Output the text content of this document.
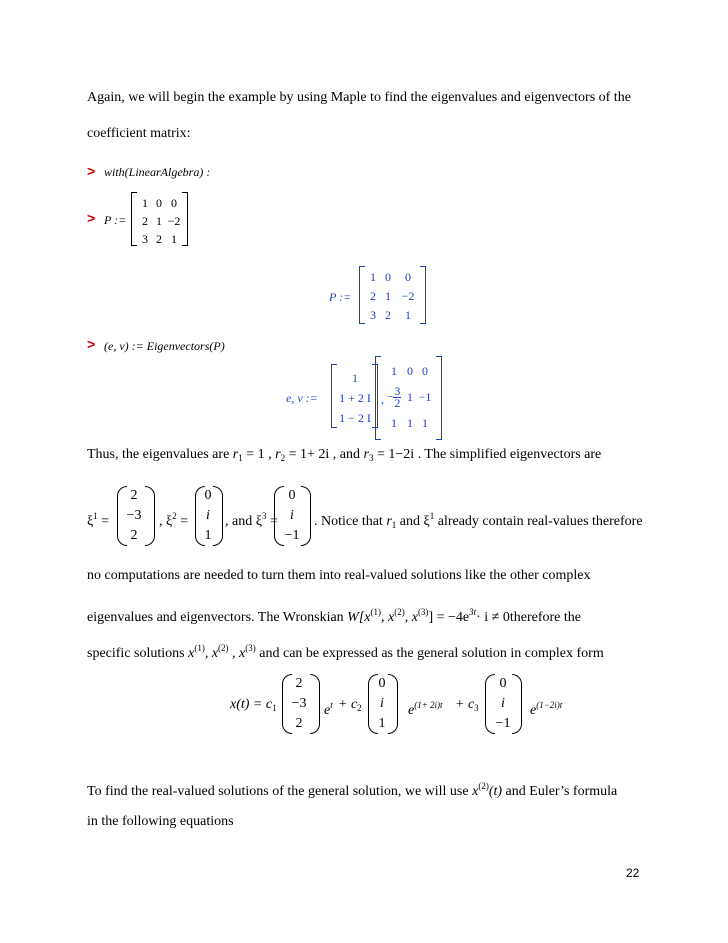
Again, we will begin the example by using Maple to find the eigenvalues and eigenvectors of the
coefficient matrix:
> with(LinearAlgebra) :
> P :=
1 0 0
2 1 −2
3 2 1
P :=
1 0	0
2 1 −2
3 2	1
> (e, v) := Eigenvectors(P)
e, v :=
1
1 + 2 I
1 − 2 I
,
1 0 0
− $\frac{3}{2} 1 -1$
1 1 1
Thus, the eigenvalues are $r_1 = 1$ , $r_2 = 1+ 2i$ , and $r_3 = 1-2i$ . The simplified eigenvectors are
$\xi^1$ =
2
−3
2
, $\xi^2$ =
0
i
1
, and $\xi^3$ =
0
i
−1
. Notice that $r_1$ and $\xi^1$ already contain real-values therefore
no computations are needed to turn them into real-valued solutions like the other complex
eigenvalues and eigenvectors. The Wronskian $W[x^{(1)}$, $x^{(2)}$, $x^{(3)}] = -4e^{3t}\cdot i$ ≠ 0therefore the
specific solutions $x^{(1)}$, $x^{(2)}$ , $x^{(3)}$ and can be expressed as the general solution in complex form
$x(t) = c_1$
2
−3
2
$e^t + c_2$
0
i
1
$e^{(1+ 2i)t} + c_3$
0
i
−1
$e^{(1-2i)t}$
To find the real-valued solutions of the general solution, we will use $x^{(2)}(t)$ and Euler’s formula
in the following equations
22
